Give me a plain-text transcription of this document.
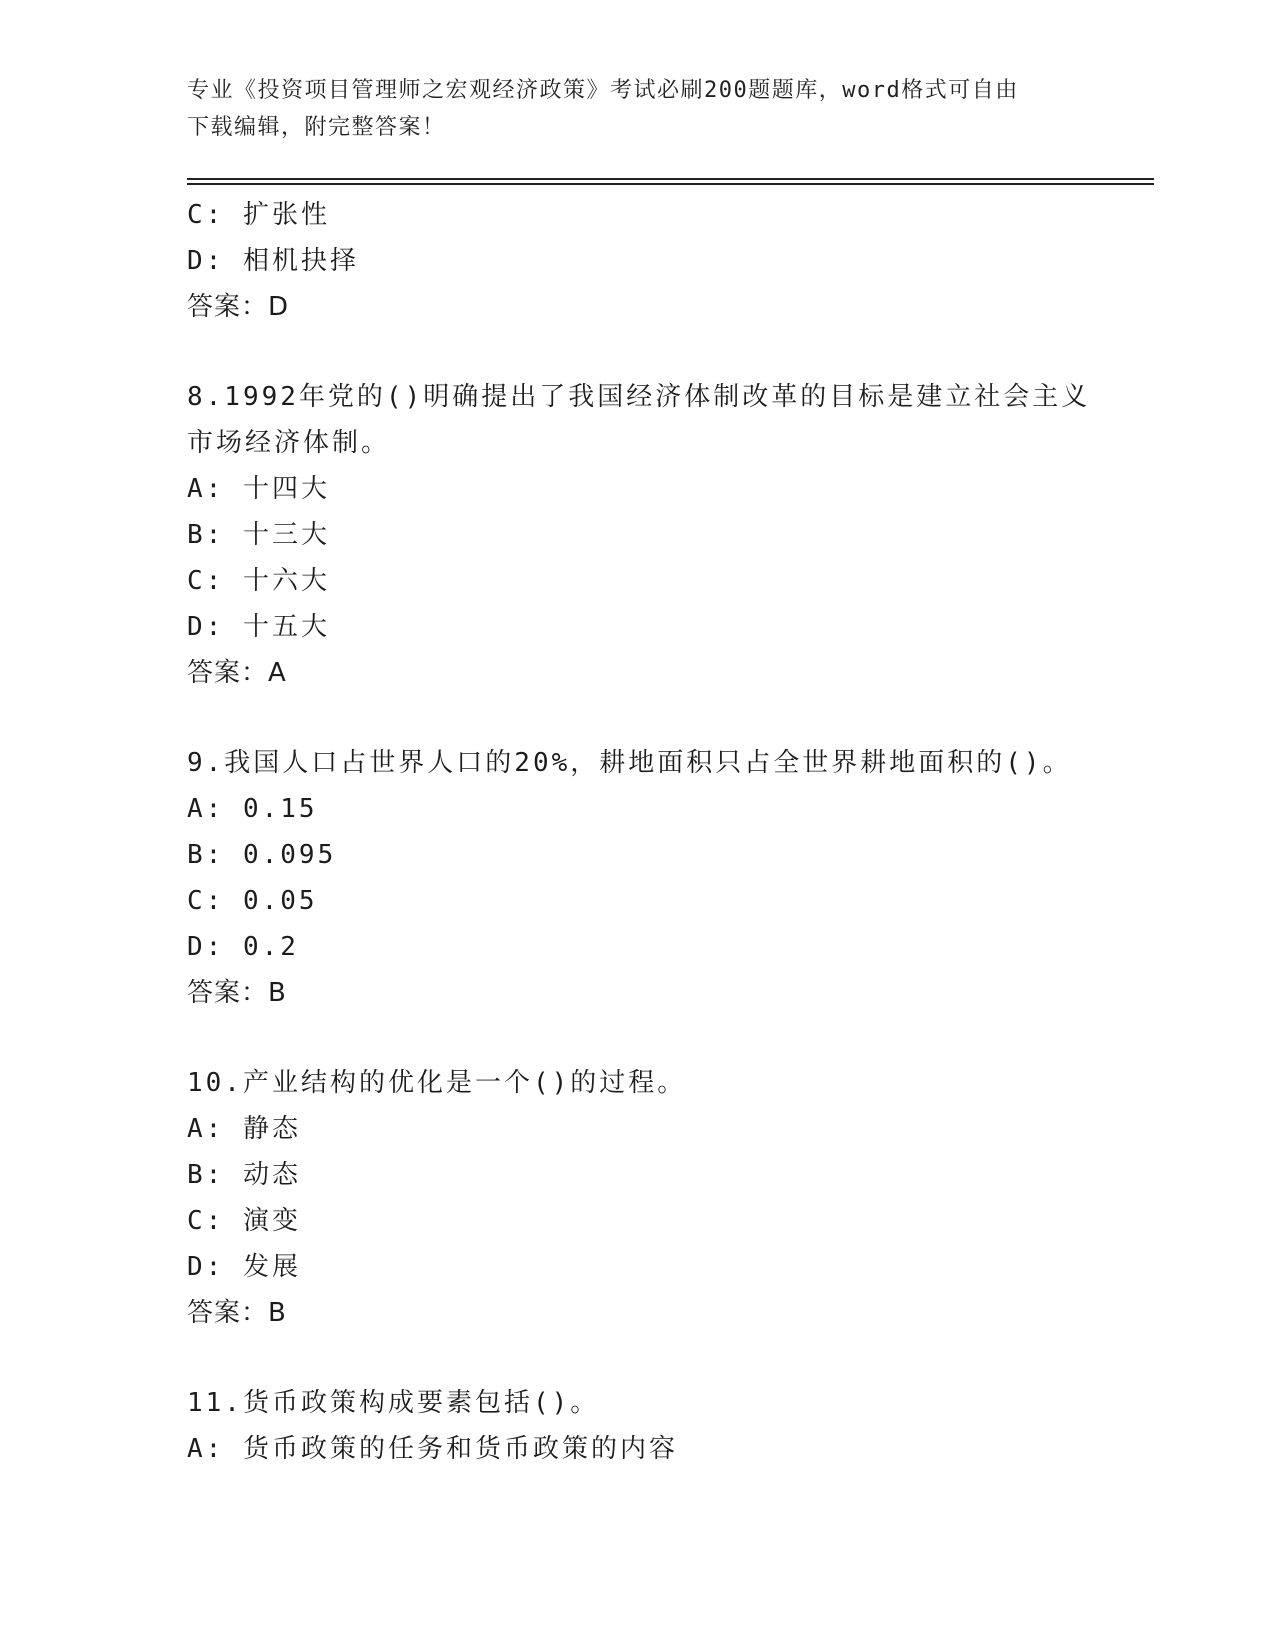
专业《投资项目管理师之宏观经济政策》考试必刷200题题库，word格式可自由
下载编辑，附完整答案！
C: 扩张性
D: 相机抉择
答案：D
8.1992年党的()明确提出了我国经济体制改革的目标是建立社会主义
市场经济体制。
A: 十四大
B: 十三大
C: 十六大
D: 十五大
答案：A
9.我国人口占世界人口的20%，耕地面积只占全世界耕地面积的()。
A: 0.15
B: 0.095
C: 0.05
D: 0.2
答案：B
10.产业结构的优化是一个()的过程。
A: 静态
B: 动态
C: 演变
D: 发展
答案：B
11.货币政策构成要素包括()。
A: 货币政策的任务和货币政策的内容
